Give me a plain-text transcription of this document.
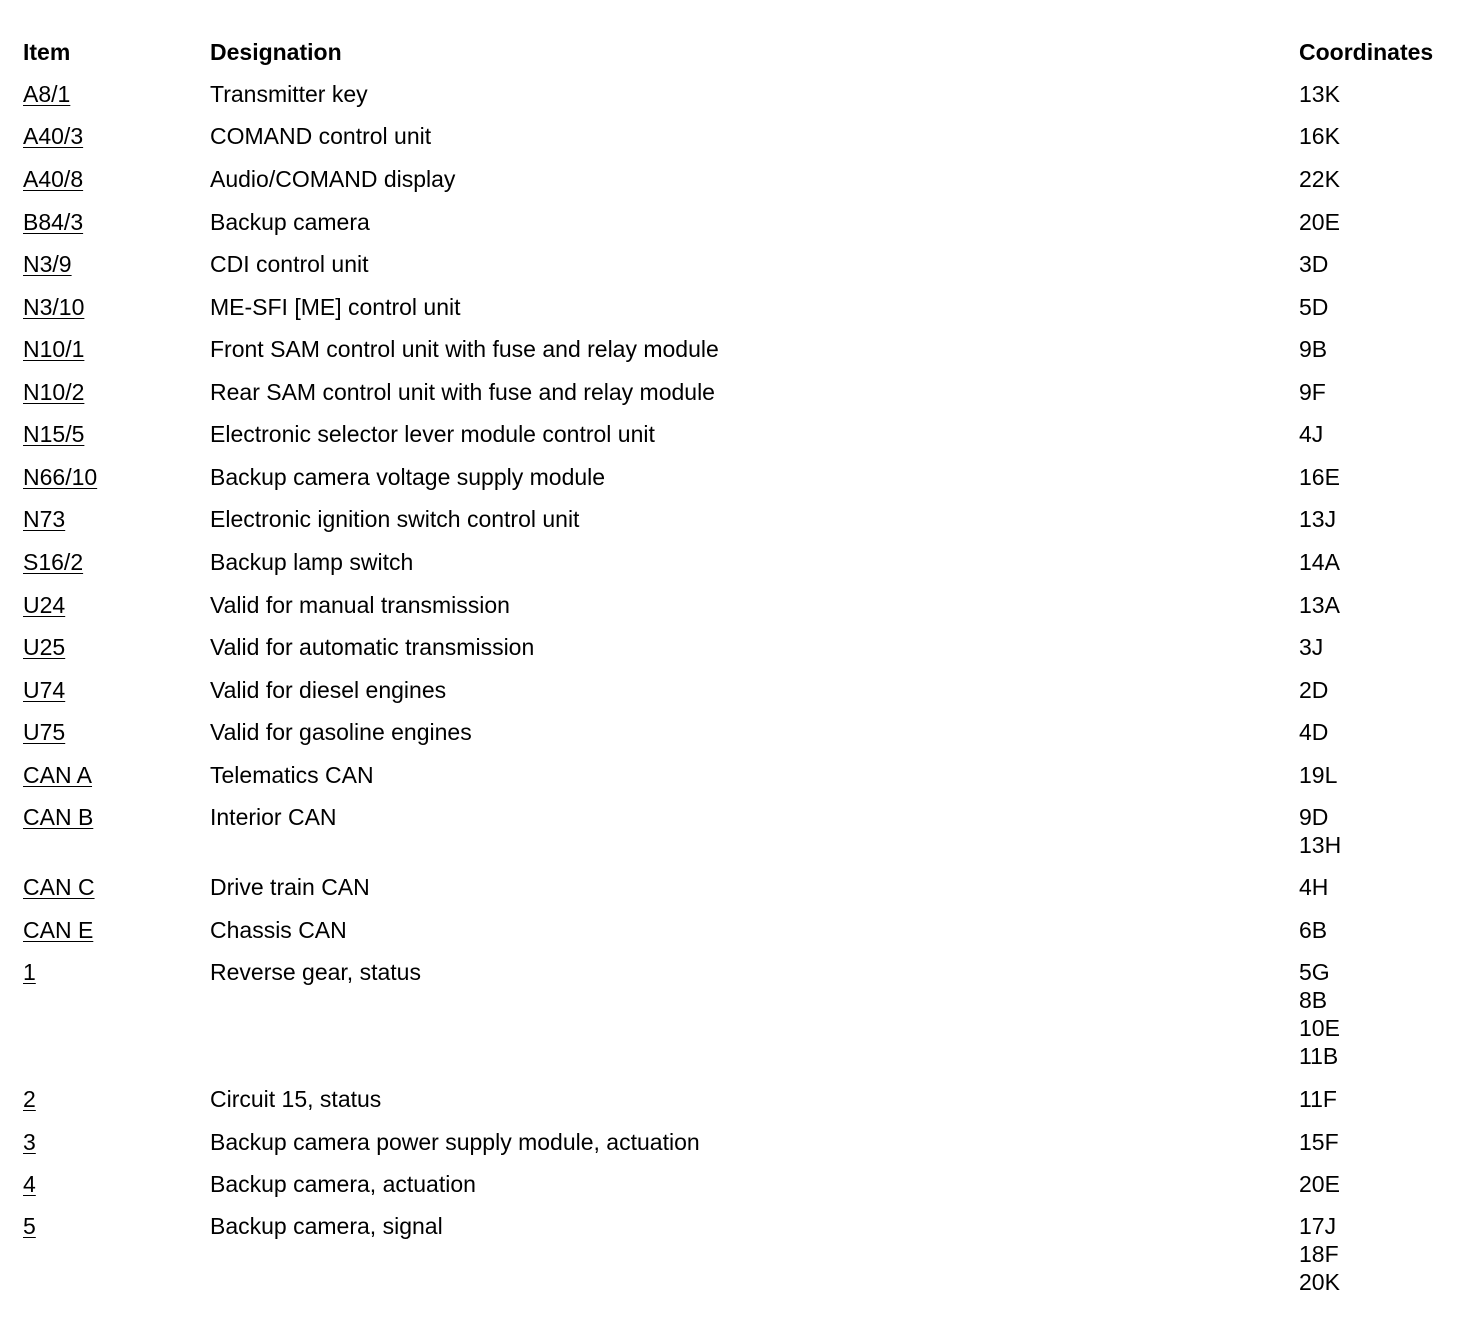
Item	Designation	Coordinates
A8/1	Transmitter key	13K
A40/3	COMAND control unit	16K
A40/8	Audio/COMAND display	22K
B84/3	Backup camera	20E
N3/9	CDI control unit	3D
N3/10	ME-SFI [ME] control unit	5D
N10/1	Front SAM control unit with fuse and relay module	9B
N10/2	Rear SAM control unit with fuse and relay module	9F
N15/5	Electronic selector lever module control unit	4J
N66/10	Backup camera voltage supply module	16E
N73	Electronic ignition switch control unit	13J
S16/2	Backup lamp switch	14A
U24	Valid for manual transmission	13A
U25	Valid for automatic transmission	3J
U74	Valid for diesel engines	2D
U75	Valid for gasoline engines	4D
CAN A	Telematics CAN	19L
CAN B	Interior CAN	9D
13H
CAN C	Drive train CAN	4H
CAN E	Chassis CAN	6B
1	Reverse gear, status	5G
8B
10E
11B
2	Circuit 15, status	11F
3	Backup camera power supply module, actuation	15F
4	Backup camera, actuation	20E
5	Backup camera, signal	17J
18F
20K
